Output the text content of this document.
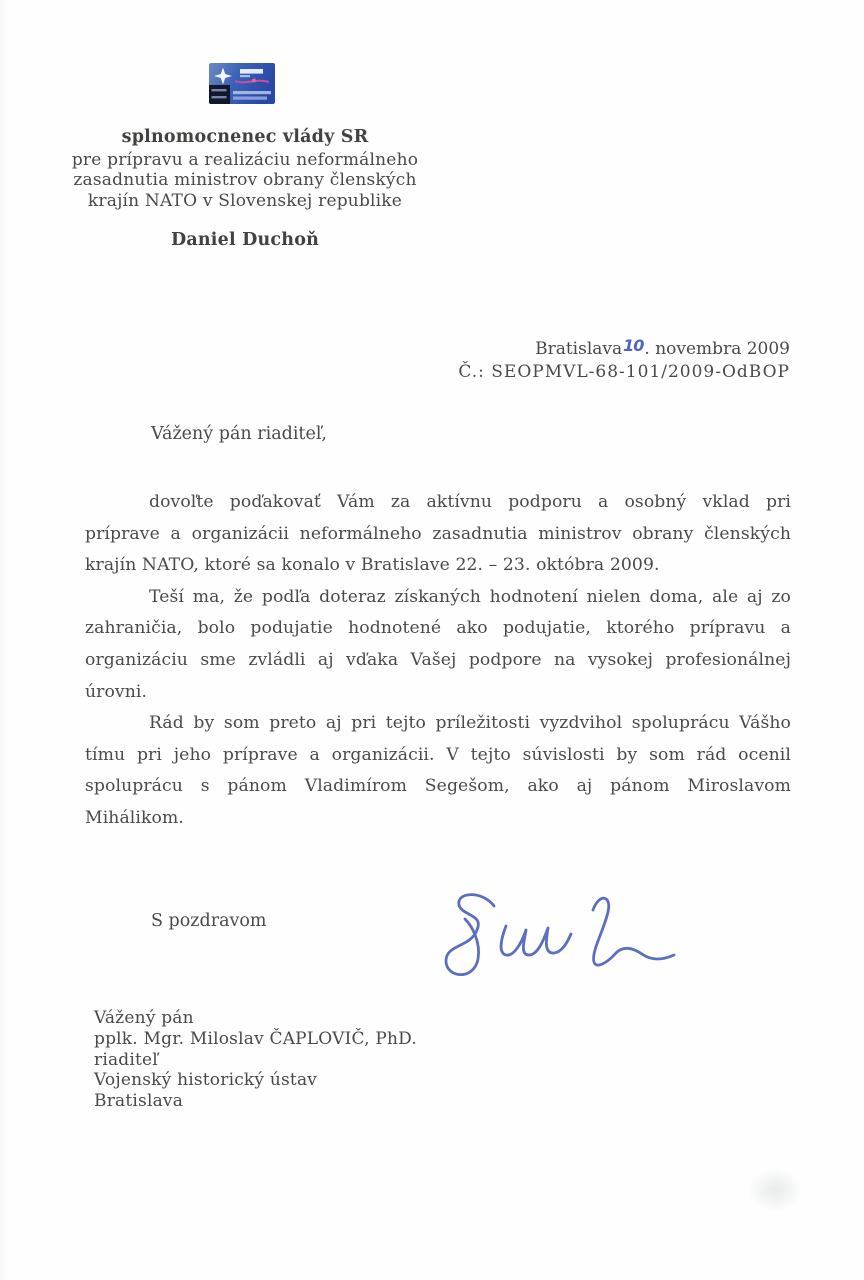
splnomocnenec vlády SR
pre prípravu a realizáciu neformálneho
zasadnutia ministrov obrany členských
krajín NATO v Slovenskej republike
Daniel Duchoň
Bratislava10. novembra 2009
Č.: SEOPMVL-68-101/2009-OdBOP
Vážený pán riaditeľ,
dovoľte poďakovať Vám za aktívnu podporu a osobný vklad pri
príprave a organizácii neformálneho zasadnutia ministrov obrany členských
krajín NATO, ktoré sa konalo v Bratislave 22. – 23. októbra 2009.
Teší ma, že podľa doteraz získaných hodnotení nielen doma, ale aj zo
zahraničia, bolo podujatie hodnotené ako podujatie, ktorého prípravu a
organizáciu sme zvládli aj vďaka Vašej podpore na vysokej profesionálnej
úrovni.
Rád by som preto aj pri tejto príležitosti vyzdvihol spoluprácu Vášho
tímu pri jeho príprave a organizácii. V tejto súvislosti by som rád ocenil
spoluprácu s pánom Vladimírom Segešom, ako aj pánom Miroslavom
Mihálikom.
S pozdravom
Vážený pán
pplk. Mgr. Miloslav ČAPLOVIČ, PhD.
riaditeľ
Vojenský historický ústav
Bratislava
